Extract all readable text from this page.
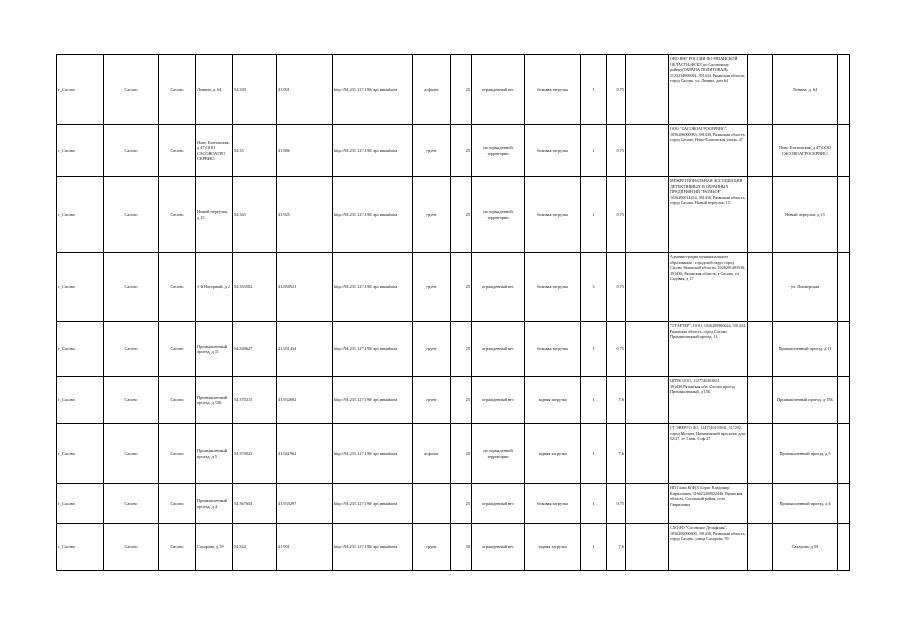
г_Сасово	Сасово	Сасово	Ленина, д. 64	54.339	41.901	http://94.231.127.190/ apt ивыяbona	асфальт	25	огражденный вес	боковая загрузка	1	0.75		ОВО ВНГ РОССИИ ПО РЯЗАНСКОЙ ОБЛАСТИ»ФГКУ по Сасовскому району(ОХРАНА ПОЛИТОВАЯ), 1125234000092, 391434, Рязанская область, город Сасово, ул. Ленина, дом 64		Ленина, д. 64	
г_Сасово	Сасово	Сасово	Ново Елатомская, д 47\ООО САСОВОАГРО СЕРВИС\	54.35	41.886	http://94.231.127.190/ apt ивыяbona	грунт	25	на огражденной территории	боковая загрузка	1	0.75		ООО "САСОВОАГРОСЕРВИС", 1056206000983, 391430, Рязанская область, город Сасово, Ново-Елатомская улица, 47		Ново Елатомская, д 47\ООО САСОВОАГРОСЕРВИС\	
г_Сасово	Сасово	Сасово	Новый переулок, д 15	54.343	41.925	http://94.231.127.190/ apt ивыяbona	грунт	25	на огражденной территории	боковая загрузка	1	0.75		МЕЖРЕГИОНАЛЬНАЯ АССОЦИАЦИЯ ДЕТЕКТИВНЫХ И ОХРАННЫХ ПРЕДПРИЯТИЙ "РАТИБОР", 1026200014454, 391430, Рязанская область, город Сасово, Новый переулок, 15		Новый переулок, д 15	
г_Сасово	Сасово	Сасово	1-й Нагорный, д 2	54.333502	41.858921	http://94.231.127.190/ apt ивыяbona	грунт	25	огражденный вес	боковая загрузка	3	0.75		Администрация муниципального образования - городской округ город Сасово Рязанской области, 1026201403536, 391430, Рязанская область, г Сасово, ул Садовая, д 17		ул. Пионерская	
г_Сасово	Сасово	Сасово	Промышленный проезд, д 11	54.349627	41.931434	http://94.231.127.190/ apt ивыяbona	грунт	25	огражденный вес	боковая загрузка	1	0.75		"СТАРТЕР", ООО, 1026200960624, 391434, Рязанская область, город Сасово, Промышленный проезд, 11		Промышленный проезд, д 11	
г_Сасово	Сасово	Сасово	Промышленный проезд, д 15Б	54.370215	41.932692	http://94.231.127.190/ apt ивыяbona	грунт	25	огражденный вес	задняя загрузка	1	7.6		ЦПТК ООО, 1127746303841, 391430,Рязанская обл, Сасово,проезд Промышленный, д 15Б		Промышленный проезд, д 15Б	
г_Сасово	Сасово	Сасово	Промышленный проезд, д 5	54.370023	41.941962	http://94.231.127.190/ apt ивыяbona	асфальт	20	на огражденной территории	задняя загрузка	1	7.6		ГТ ЭНЕРГО АО, 1147746193941, 117292, город Москва, Нахимовский проспект, дом 52/27, эт 1 ком. 6 оф 27		Промышленный проезд, д 5	
г_Сасово	Сасово	Сасово	Промышленный проезд, д 4	54.367654	41.935297	http://94.231.127.190/ apt ивыяbona		25	огражденный вес	боковая загрузка	1	0.75		ИП Глава К(Ф)Х Борис Владимир Кириллович 316623400022446, Рязанская область, Сасовский район, село Гавриловка		Промышленный проезд, д 4	
г_Сасово	Сасово	Сасово	Сахарова, д 59	54.344	41.901	http://94.231.127.190/ apt ивыяbona	грунт	30	огражденный вес	задняя загрузка	1	7.6		СХО РО "Сасовское Дельфины", 1056206000600, 391430, Рязанская область, город Сасово, улица Сахарова, 59		Сахарова, д 59	
